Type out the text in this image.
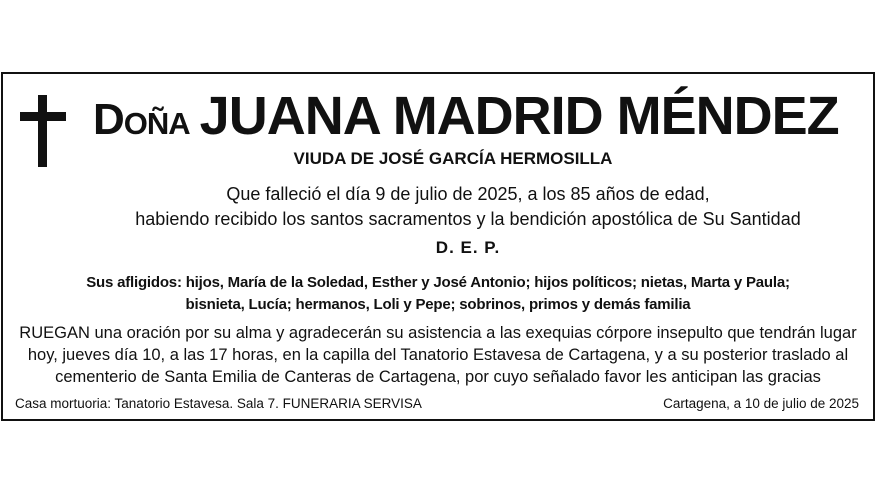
Doña JUANA MADRID MÉNDEZ
VIUDA DE JOSÉ GARCÍA HERMOSILLA
Que falleció el día 9 de julio de 2025, a los 85 años de edad,
habiendo recibido los santos sacramentos y la bendición apostólica de Su Santidad
D. E. P.
Sus afligidos: hijos, María de la Soledad, Esther y José Antonio; hijos políticos; nietas, Marta y Paula;
bisnieta, Lucía; hermanos, Loli y Pepe; sobrinos, primos y demás familia
RUEGAN una oración por su alma y agradecerán su asistencia a las exequias córpore insepulto que tendrán lugar
hoy, jueves día 10, a las 17 horas, en la capilla del Tanatorio Estavesa de Cartagena, y a su posterior traslado al
cementerio de Santa Emilia de Canteras de Cartagena, por cuyo señalado favor les anticipan las gracias
Casa mortuoria: Tanatorio Estavesa. Sala 7. FUNERARIA SERVISA	Cartagena, a 10 de julio de 2025
